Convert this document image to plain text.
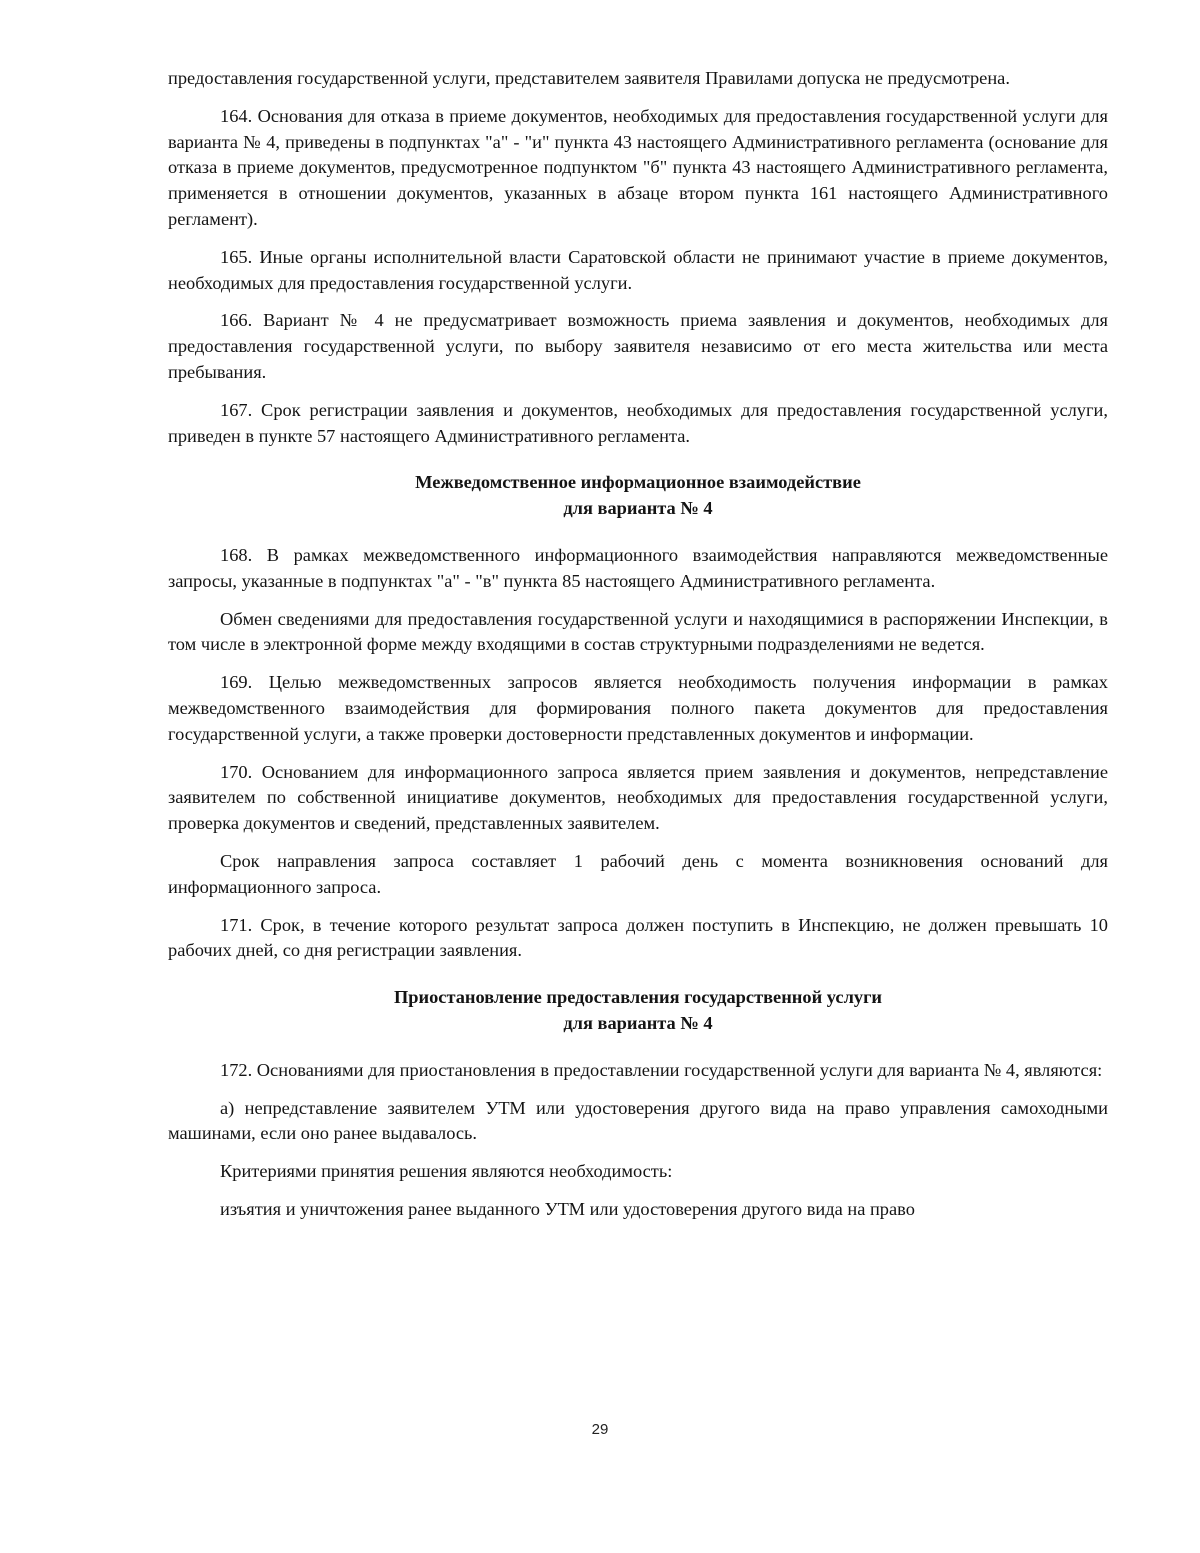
предоставления государственной услуги, представителем заявителя Правилами допуска не предусмотрена.

164. Основания для отказа в приеме документов, необходимых для предоставления государственной услуги для варианта № 4, приведены в подпунктах "а" - "и" пункта 43 настоящего Административного регламента (основание для отказа в приеме документов, предусмотренное подпунктом "б" пункта 43 настоящего Административного регламента, применяется в отношении документов, указанных в абзаце втором пункта 161 настоящего Административного регламент).

165. Иные органы исполнительной власти Саратовской области не принимают участие в приеме документов, необходимых для предоставления государственной услуги.

166. Вариант № 4 не предусматривает возможность приема заявления и документов, необходимых для предоставления государственной услуги, по выбору заявителя независимо от его места жительства или места пребывания.

167. Срок регистрации заявления и документов, необходимых для предоставления государственной услуги, приведен в пункте 57 настоящего Административного регламента.

Межведомственное информационное взаимодействие
для варианта № 4

168. В рамках межведомственного информационного взаимодействия направляются межведомственные запросы, указанные в подпунктах "а" - "в" пункта 85 настоящего Административного регламента.

Обмен сведениями для предоставления государственной услуги и находящимися в распоряжении Инспекции, в том числе в электронной форме между входящими в состав структурными подразделениями не ведется.

169. Целью межведомственных запросов является необходимость получения информации в рамках межведомственного взаимодействия для формирования полного пакета документов для предоставления государственной услуги, а также проверки достоверности представленных документов и информации.

170. Основанием для информационного запроса является прием заявления и документов, непредставление заявителем по собственной инициативе документов, необходимых для предоставления государственной услуги, проверка документов и сведений, представленных заявителем.

Срок направления запроса составляет 1 рабочий день с момента возникновения оснований для информационного запроса.

171. Срок, в течение которого результат запроса должен поступить в Инспекцию, не должен превышать 10 рабочих дней, со дня регистрации заявления.

Приостановление предоставления государственной услуги
для варианта № 4

172. Основаниями для приостановления в предоставлении государственной услуги для варианта № 4, являются:

а) непредставление заявителем УТМ или удостоверения другого вида на право управления самоходными машинами, если оно ранее выдавалось.

Критериями принятия решения являются необходимость:

изъятия и уничтожения ранее выданного УТМ или удостоверения другого вида на право

29
